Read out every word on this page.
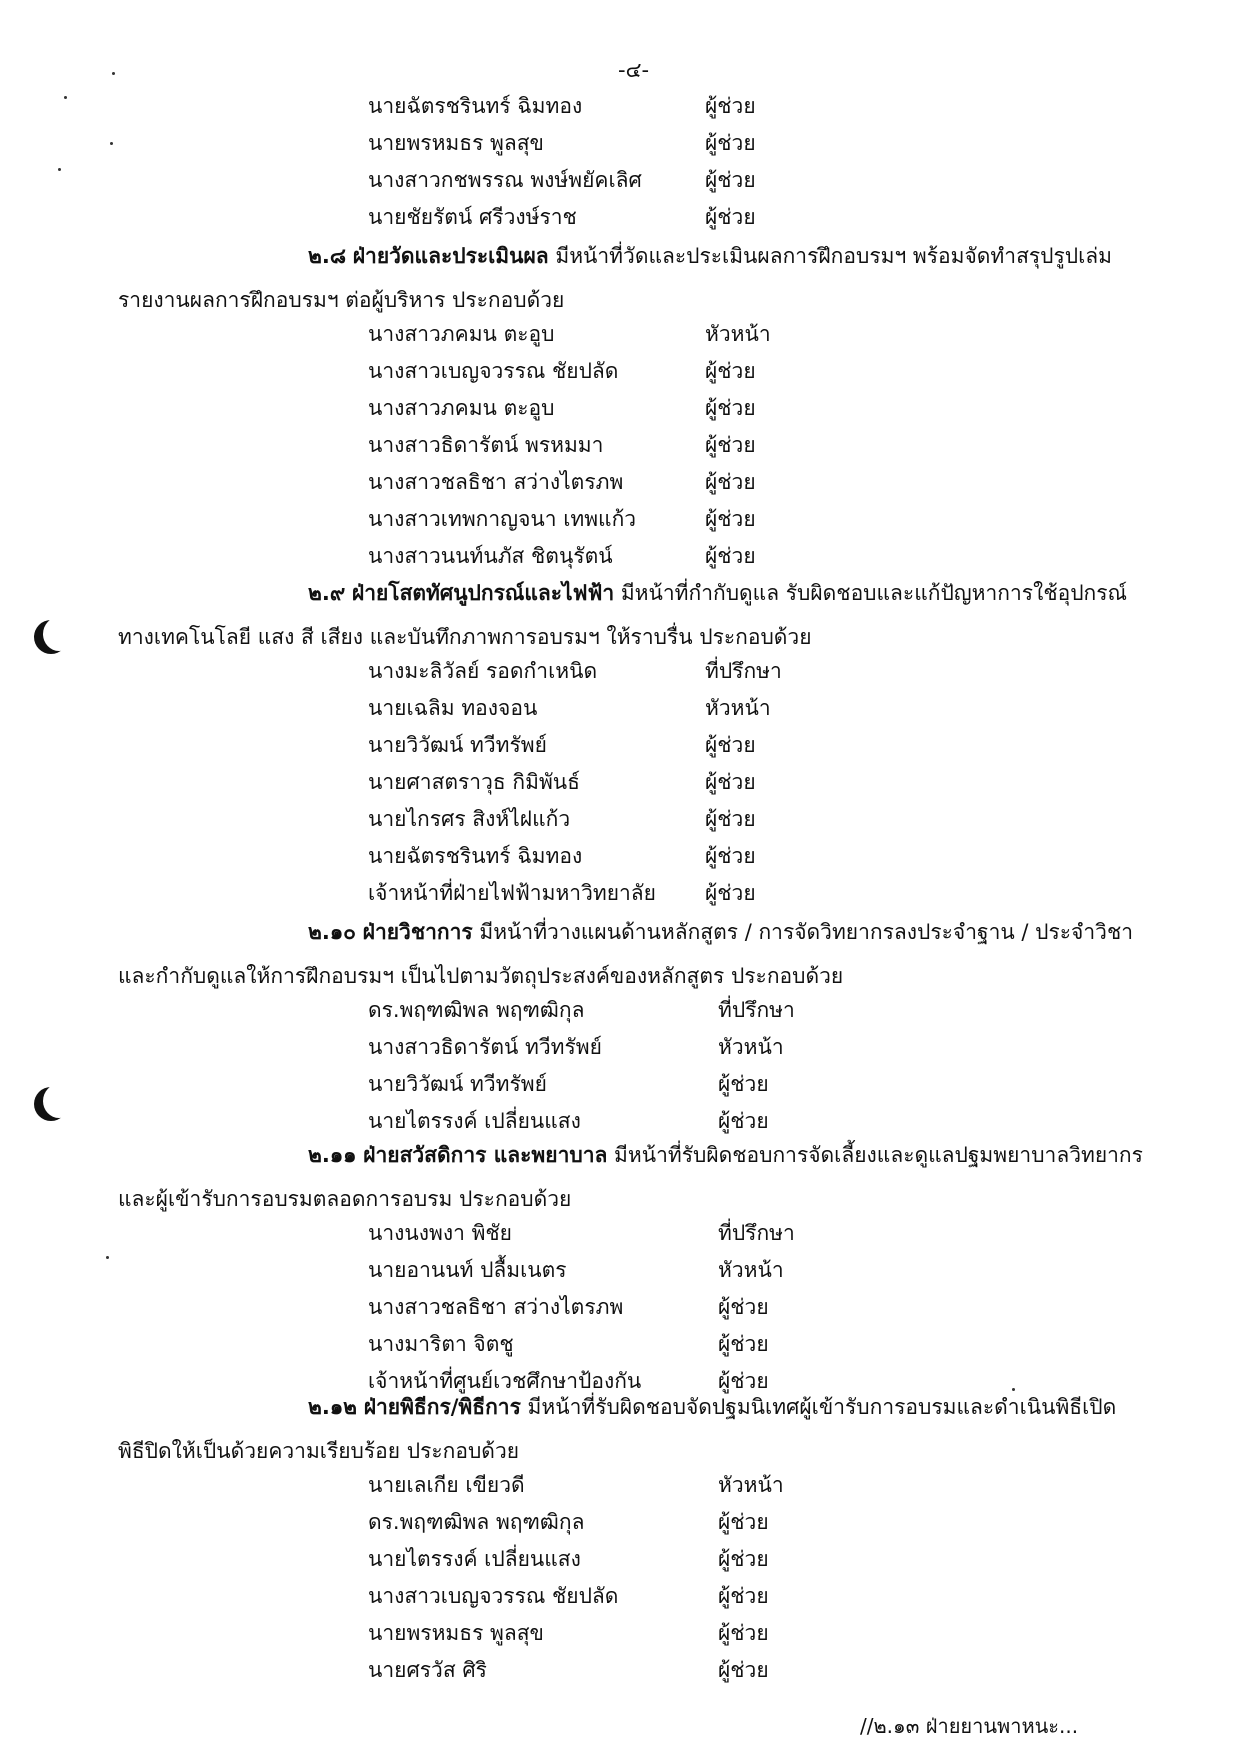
-๔-
นายฉัตรชรินทร์ ฉิมทอง	ผู้ช่วย
นายพรหมธร พูลสุข	ผู้ช่วย
นางสาวกชพรรณ พงษ์พยัคเลิศ	ผู้ช่วย
นายชัยรัตน์ ศรีวงษ์ราช	ผู้ช่วย
๒.๘ ฝ่ายวัดและประเมินผล มีหน้าที่วัดและประเมินผลการฝึกอบรมฯ พร้อมจัดทำสรุปรูปเล่ม
รายงานผลการฝึกอบรมฯ ต่อผู้บริหาร ประกอบด้วย
นางสาวภคมน ตะอูบ	หัวหน้า
นางสาวเบญจวรรณ ชัยปลัด	ผู้ช่วย
นางสาวภคมน ตะอูบ	ผู้ช่วย
นางสาวธิดารัตน์ พรหมมา	ผู้ช่วย
นางสาวชลธิชา สว่างไตรภพ	ผู้ช่วย
นางสาวเทพกาญจนา เทพแก้ว	ผู้ช่วย
นางสาวนนท์นภัส ชิตนุรัตน์	ผู้ช่วย
๒.๙ ฝ่ายโสตทัศนูปกรณ์และไฟฟ้า มีหน้าที่กำกับดูแล รับผิดชอบและแก้ปัญหาการใช้อุปกรณ์
ทางเทคโนโลยี แสง สี เสียง และบันทึกภาพการอบรมฯ ให้ราบรื่น ประกอบด้วย
นางมะลิวัลย์ รอดกำเหนิด	ที่ปรึกษา
นายเฉลิม ทองจอน	หัวหน้า
นายวิวัฒน์ ทวีทรัพย์	ผู้ช่วย
นายศาสตราวุธ กิมิพันธ์	ผู้ช่วย
นายไกรศร สิงห์ไฝแก้ว	ผู้ช่วย
นายฉัตรชรินทร์ ฉิมทอง	ผู้ช่วย
เจ้าหน้าที่ฝ่ายไฟฟ้ามหาวิทยาลัย ผู้ช่วย
๒.๑๐ ฝ่ายวิชาการ มีหน้าที่วางแผนด้านหลักสูตร / การจัดวิทยากรลงประจำฐาน / ประจำวิชา
และกำกับดูแลให้การฝึกอบรมฯ เป็นไปตามวัตถุประสงค์ของหลักสูตร ประกอบด้วย
ดร.พฤฑฒิพล พฤฑฒิกุล	ที่ปรึกษา
นางสาวธิดารัตน์ ทวีทรัพย์	หัวหน้า
นายวิวัฒน์ ทวีทรัพย์	ผู้ช่วย
นายไตรรงค์ เปลี่ยนแสง	ผู้ช่วย
๒.๑๑ ฝ่ายสวัสดิการ และพยาบาล มีหน้าที่รับผิดชอบการจัดเลี้ยงและดูแลปฐมพยาบาลวิทยากร
และผู้เข้ารับการอบรมตลอดการอบรม ประกอบด้วย
นางนงพงา พิชัย	ที่ปรึกษา
นายอานนท์ ปลื้มเนตร	หัวหน้า
นางสาวชลธิชา สว่างไตรภพ	ผู้ช่วย
นางมาริตา จิตชู	ผู้ช่วย
เจ้าหน้าที่ศูนย์เวชศึกษาป้องกัน	ผู้ช่วย
๒.๑๒ ฝ่ายพิธีกร/พิธีการ มีหน้าที่รับผิดชอบจัดปฐมนิเทศผู้เข้ารับการอบรมและดำเนินพิธีเปิด
พิธีปิดให้เป็นด้วยความเรียบร้อย ประกอบด้วย
นายเลเกีย เขียวดี	หัวหน้า
ดร.พฤฑฒิพล พฤฑฒิกุล	ผู้ช่วย
นายไตรรงค์ เปลี่ยนแสง	ผู้ช่วย
นางสาวเบญจวรรณ ชัยปลัด	ผู้ช่วย
นายพรหมธร พูลสุข	ผู้ช่วย
นายศรวัส ศิริ	ผู้ช่วย
//๒.๑๓ ฝ่ายยานพาหนะ...
